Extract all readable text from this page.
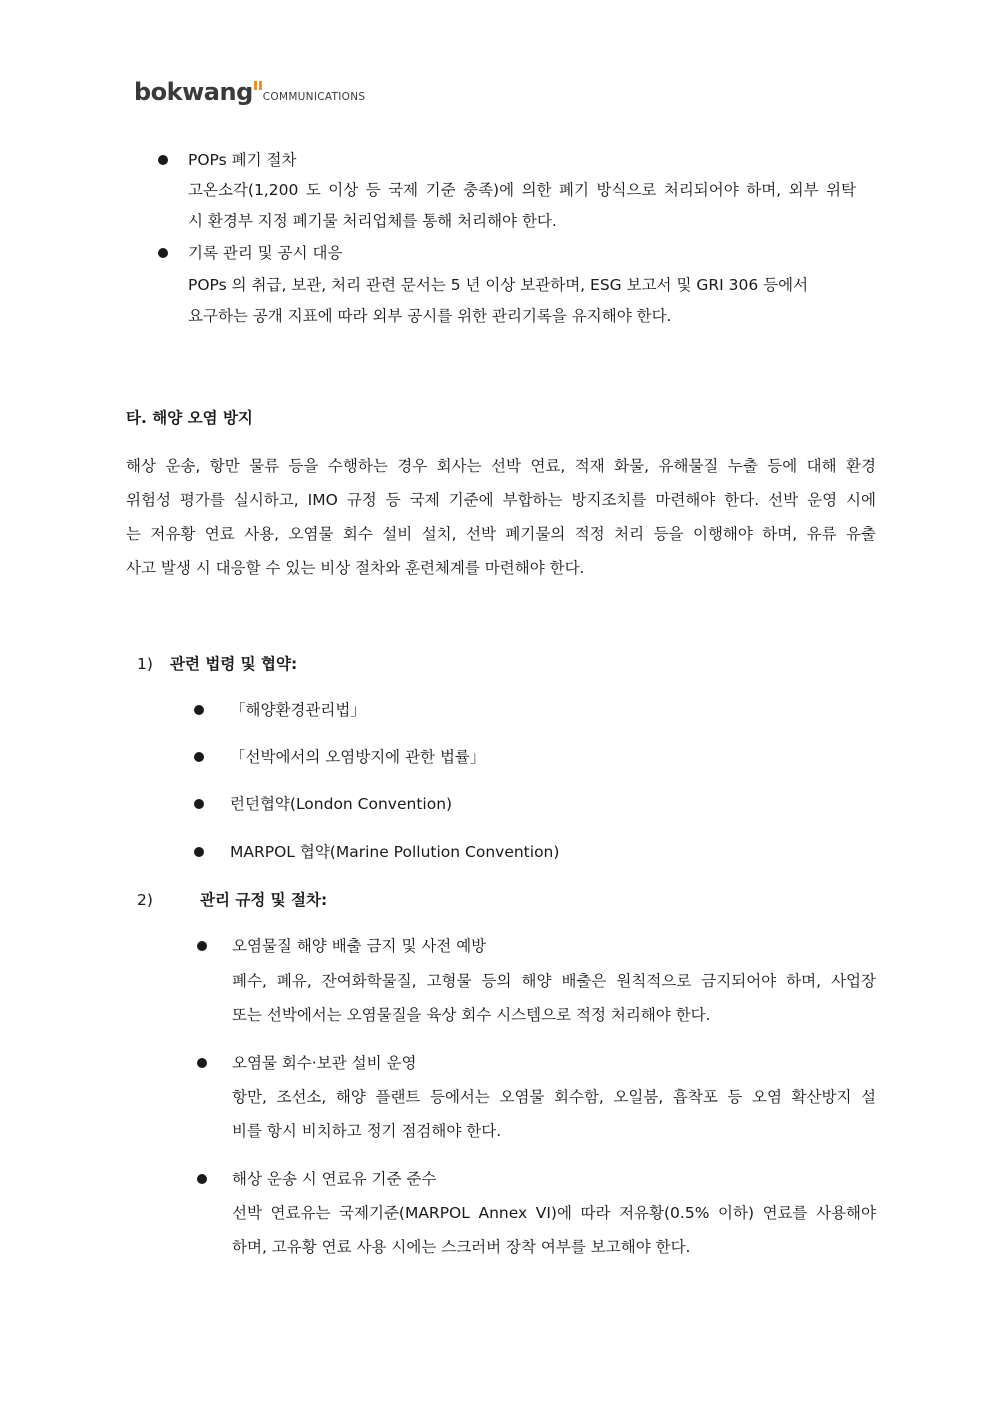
bokwang COMMUNICATIONS
POPs 폐기 절차
고온소각(1,200 도 이상 등 국제 기준 충족)에 의한 폐기 방식으로 처리되어야 하며, 외부 위탁
시 환경부 지정 폐기물 처리업체를 통해 처리해야 한다.
기록 관리 및 공시 대응
POPs 의 취급, 보관, 처리 관련 문서는 5 년 이상 보관하며, ESG 보고서 및 GRI 306 등에서
요구하는 공개 지표에 따라 외부 공시를 위한 관리기록을 유지해야 한다.
타. 해양 오염 방지
해상 운송, 항만 물류 등을 수행하는 경우 회사는 선박 연료, 적재 화물, 유해물질 누출 등에 대해 환경
위험성 평가를 실시하고, IMO 규정 등 국제 기준에 부합하는 방지조치를 마련해야 한다. 선박 운영 시에
는 저유황 연료 사용, 오염물 회수 설비 설치, 선박 폐기물의 적정 처리 등을 이행해야 하며, 유류 유출
사고 발생 시 대응할 수 있는 비상 절차와 훈련체계를 마련해야 한다.
1) 관련 법령 및 협약:
「해양환경관리법」
「선박에서의 오염방지에 관한 법률」
런던협약(London Convention)
MARPOL 협약(Marine Pollution Convention)
2)	관리 규정 및 절차:
오염물질 해양 배출 금지 및 사전 예방
폐수, 폐유, 잔여화학물질, 고형물 등의 해양 배출은 원칙적으로 금지되어야 하며, 사업장
또는 선박에서는 오염물질을 육상 회수 시스템으로 적정 처리해야 한다.
오염물 회수·보관 설비 운영
항만, 조선소, 해양 플랜트 등에서는 오염물 회수함, 오일붐, 흡착포 등 오염 확산방지 설
비를 항시 비치하고 정기 점검해야 한다.
해상 운송 시 연료유 기준 준수
선박 연료유는 국제기준(MARPOL Annex VI)에 따라 저유황(0.5% 이하) 연료를 사용해야
하며, 고유황 연료 사용 시에는 스크러버 장착 여부를 보고해야 한다.
